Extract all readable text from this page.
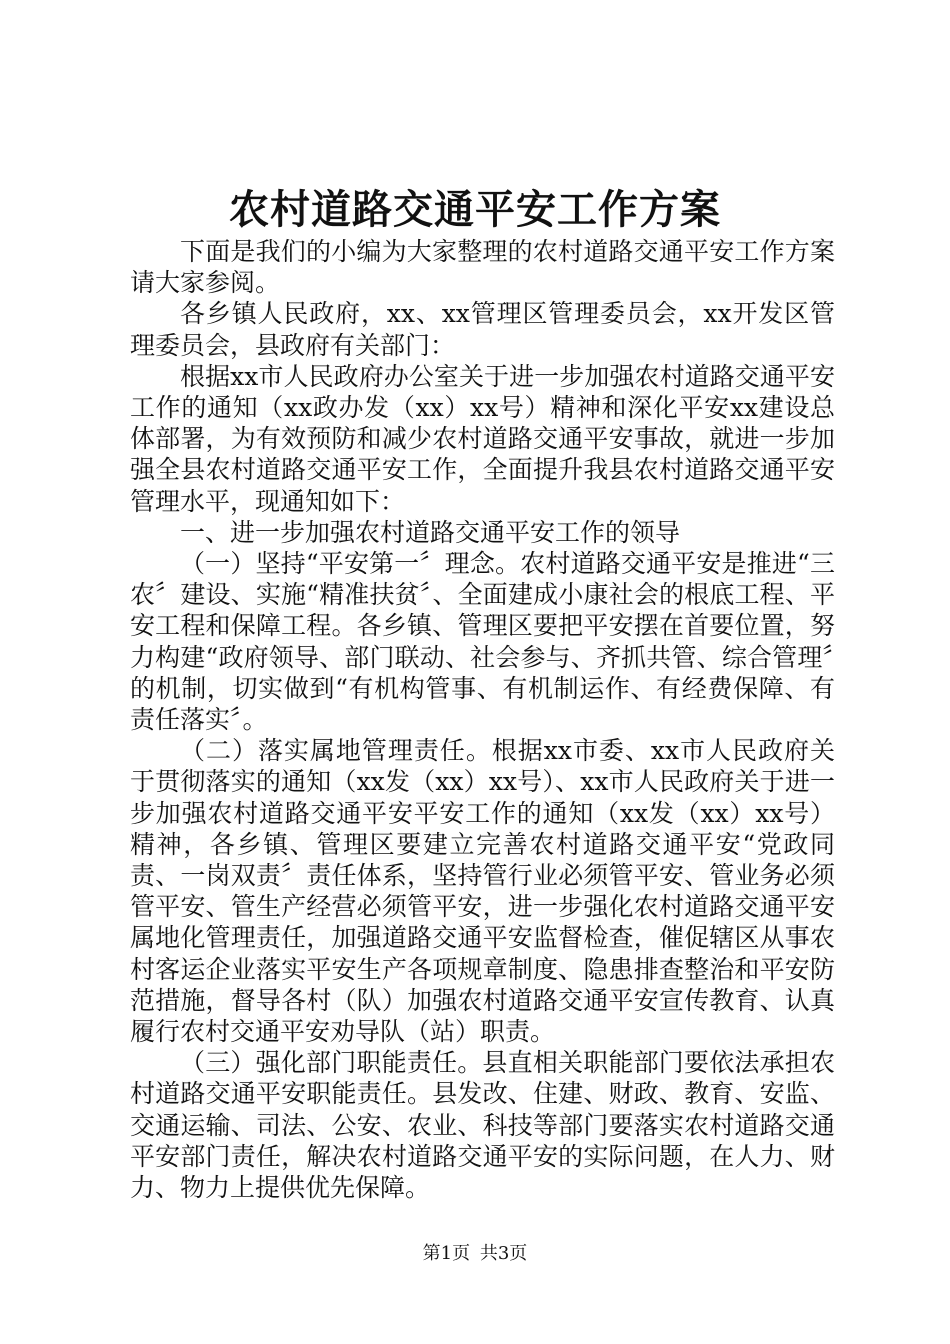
农村道路交通平安工作方案

下面是我们的小编为大家整理的农村道路交通平安工作方案请大家参阅。

各乡镇人民政府，xx、xx管理区管理委员会，xx开发区管理委员会，县政府有关部门：

根据xx市人民政府办公室关于进一步加强农村道路交通平安工作的通知（xx政办发（xx）xx号）精神和深化平安xx建设总体部署，为有效预防和减少农村道路交通平安事故，就进一步加强全县农村道路交通平安工作，全面提升我县农村道路交通平安管理水平，现通知如下：

一、进一步加强农村道路交通平安工作的领导

（一）坚持“平安第一〞理念。农村道路交通平安是推进“三农〞建设、实施“精准扶贫〞、全面建成小康社会的根底工程、平安工程和保障工程。各乡镇、管理区要把平安摆在首要位置，努力构建“政府领导、部门联动、社会参与、齐抓共管、综合管理〞的机制，切实做到“有机构管事、有机制运作、有经费保障、有责任落实〞。

（二）落实属地管理责任。根据xx市委、xx市人民政府关于贯彻落实的通知（xx发（xx）xx号）、xx市人民政府关于进一步加强农村道路交通平安平安工作的通知（xx发（xx）xx号）精神，各乡镇、管理区要建立完善农村道路交通平安“党政同责、一岗双责〞责任体系，坚持管行业必须管平安、管业务必须管平安、管生产经营必须管平安，进一步强化农村道路交通平安属地化管理责任，加强道路交通平安监督检查，催促辖区从事农村客运企业落实平安生产各项规章制度、隐患排查整治和平安防范措施，督导各村（队）加强农村道路交通平安宣传教育、认真履行农村交通平安劝导队（站）职责。

（三）强化部门职能责任。县直相关职能部门要依法承担农村道路交通平安职能责任。县发改、住建、财政、教育、安监、交通运输、司法、公安、农业、科技等部门要落实农村道路交通平安部门责任，解决农村道路交通平安的实际问题，在人力、财力、物力上提供优先保障。

第1页 共3页
